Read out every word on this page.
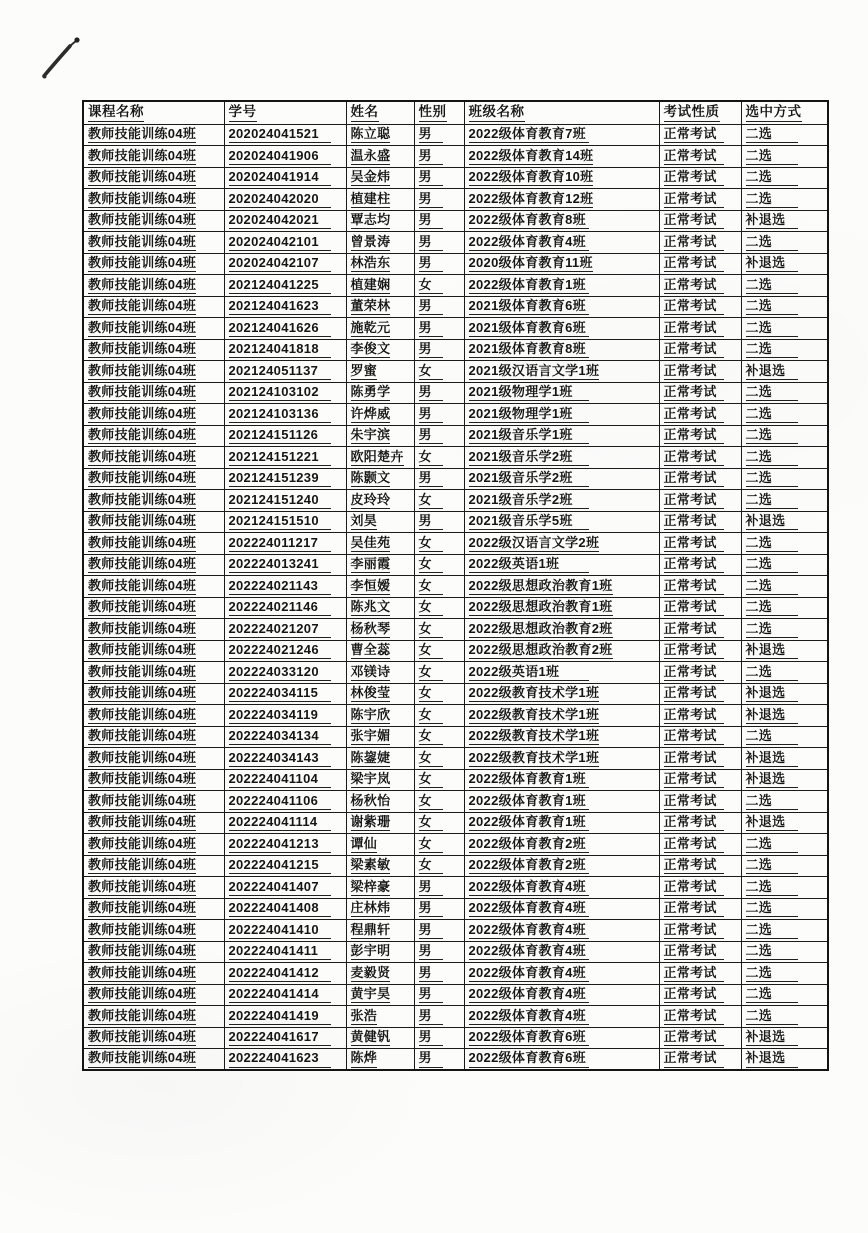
课程名称	学号	姓名	性别	班级名称	考试性质	选中方式
教师技能训练04班	202024041521	陈立聪	男	2022级体育教育7班	正常考试	二选
教师技能训练04班	202024041906	温永盛	男	2022级体育教育14班	正常考试	二选
教师技能训练04班	202024041914	吴金炜	男	2022级体育教育10班	正常考试	二选
教师技能训练04班	202024042020	植建柱	男	2022级体育教育12班	正常考试	二选
教师技能训练04班	202024042021	覃志均	男	2022级体育教育8班	正常考试	补退选
教师技能训练04班	202024042101	曾景涛	男	2022级体育教育4班	正常考试	二选
教师技能训练04班	202024042107	林浩东	男	2020级体育教育11班	正常考试	补退选
教师技能训练04班	202124041225	植建娴	女	2022级体育教育1班	正常考试	二选
教师技能训练04班	202124041623	董荣林	男	2021级体育教育6班	正常考试	二选
教师技能训练04班	202124041626	施乾元	男	2021级体育教育6班	正常考试	二选
教师技能训练04班	202124041818	李俊文	男	2021级体育教育8班	正常考试	二选
教师技能训练04班	202124051137	罗蜜	女	2021级汉语言文学1班	正常考试	补退选
教师技能训练04班	202124103102	陈勇学	男	2021级物理学1班	正常考试	二选
教师技能训练04班	202124103136	许烨威	男	2021级物理学1班	正常考试	二选
教师技能训练04班	202124151126	朱宇滨	男	2021级音乐学1班	正常考试	二选
教师技能训练04班	202124151221	欧阳楚卉	女	2021级音乐学2班	正常考试	二选
教师技能训练04班	202124151239	陈颢文	男	2021级音乐学2班	正常考试	二选
教师技能训练04班	202124151240	皮玲玲	女	2021级音乐学2班	正常考试	二选
教师技能训练04班	202124151510	刘昊	男	2021级音乐学5班	正常考试	补退选
教师技能训练04班	202224011217	吴佳苑	女	2022级汉语言文学2班	正常考试	二选
教师技能训练04班	202224013241	李丽霞	女	2022级英语1班	正常考试	二选
教师技能训练04班	202224021143	李恒嫒	女	2022级思想政治教育1班	正常考试	二选
教师技能训练04班	202224021146	陈兆文	女	2022级思想政治教育1班	正常考试	二选
教师技能训练04班	202224021207	杨秋琴	女	2022级思想政治教育2班	正常考试	二选
教师技能训练04班	202224021246	曹全蕊	女	2022级思想政治教育2班	正常考试	补退选
教师技能训练04班	202224033120	邓镁诗	女	2022级英语1班	正常考试	二选
教师技能训练04班	202224034115	林俊莹	女	2022级教育技术学1班	正常考试	补退选
教师技能训练04班	202224034119	陈宇欣	女	2022级教育技术学1班	正常考试	补退选
教师技能训练04班	202224034134	张宇媚	女	2022级教育技术学1班	正常考试	二选
教师技能训练04班	202224034143	陈鋆婕	女	2022级教育技术学1班	正常考试	补退选
教师技能训练04班	202224041104	梁宇岚	女	2022级体育教育1班	正常考试	补退选
教师技能训练04班	202224041106	杨秋怡	女	2022级体育教育1班	正常考试	二选
教师技能训练04班	202224041114	谢紫珊	女	2022级体育教育1班	正常考试	补退选
教师技能训练04班	202224041213	谭仙	女	2022级体育教育2班	正常考试	二选
教师技能训练04班	202224041215	梁素敏	女	2022级体育教育2班	正常考试	二选
教师技能训练04班	202224041407	梁梓豪	男	2022级体育教育4班	正常考试	二选
教师技能训练04班	202224041408	庄林炜	男	2022级体育教育4班	正常考试	二选
教师技能训练04班	202224041410	程鼎轩	男	2022级体育教育4班	正常考试	二选
教师技能训练04班	202224041411	彭宇明	男	2022级体育教育4班	正常考试	二选
教师技能训练04班	202224041412	麦毅贤	男	2022级体育教育4班	正常考试	二选
教师技能训练04班	202224041414	黄宇昊	男	2022级体育教育4班	正常考试	二选
教师技能训练04班	202224041419	张浩	男	2022级体育教育4班	正常考试	二选
教师技能训练04班	202224041617	黄健钒	男	2022级体育教育6班	正常考试	补退选
教师技能训练04班	202224041623	陈烨	男	2022级体育教育6班	正常考试	补退选
